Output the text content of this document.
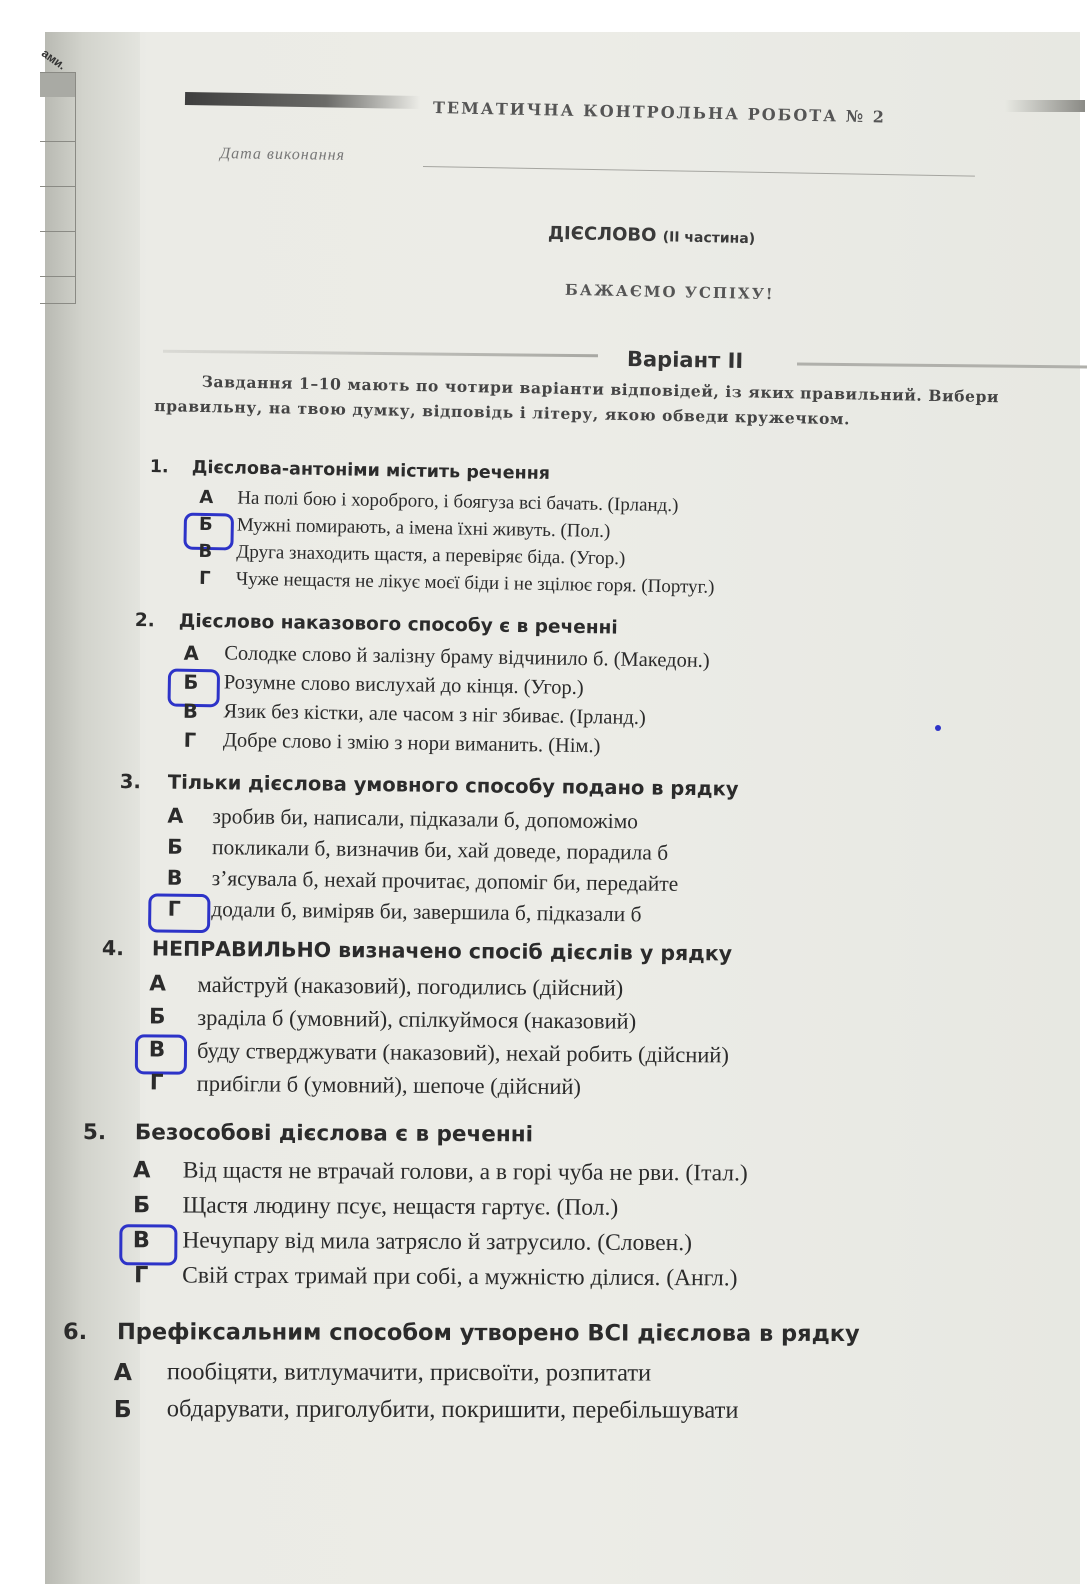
ами.
ТЕМАТИЧНА КОНТРОЛЬНА РОБОТА № 2
Дата виконання
ДІЄСЛОВО (ІІ частина)
БАЖАЄМО УСПІХУ!
Варіант ІІ

Завдання 1–10 мають по чотири варіанти відповідей, із яких правильний. Вибери правильну, на твою думку, відповідь і літеру, якою обведи кружечком.

1. Дієслова-антоніми містить речення
А На полі бою і хороброго, і боягуза всі бачать. (Ірланд.)
Б Мужні помирають, а імена їхні живуть. (Пол.)
В Друга знаходить щастя, а перевіряє біда. (Угор.)
Г	Чуже нещастя не лікує моєї біди і не зцілює горя. (Португ.)
2. Дієслово наказового способу є в реченні
А Солодке слово й залізну браму відчинило б. (Македон.)
Б Розумне слово вислухай до кінця. (Угор.)
В Язик без кістки, але часом з ніг збиває. (Ірланд.)
Г Добре слово і змію з нори виманить. (Нім.)
3. Тільки дієслова умовного способу подано в рядку
А зробив би, написали, підказали б, допоможімо
Б покликали б, визначив би, хай доведе, порадила б
В з’ясувала б, нехай прочитає, допоміг би, передайте
Г додали б, виміряв би, завершила б, підказали б
4. НЕПРАВИЛЬНО визначено спосіб дієслів у рядку
А майструй (наказовий), погодились (дійсний)
Б зраділа б (умовний), спілкуймося (наказовий)
В буду стверджувати (наказовий), нехай робить (дійсний)
Г прибігли б (умовний), шепоче (дійсний)
5. Безособові дієслова є в реченні
А Від щастя не втрачай голови, а в горі чуба не рви. (Італ.)
Б Щастя людину псує, нещастя гартує. (Пол.)
В Нечупару від мила затрясло й затрусило. (Словен.)
Г Свій страх тримай при собі, а мужністю ділися. (Англ.)
6. Префіксальним способом утворено ВСІ дієслова в рядку
А пообіцяти, витлумачити, присвоїти, розпитати
Б обдарувати, приголубити, покришити, перебільшувати
